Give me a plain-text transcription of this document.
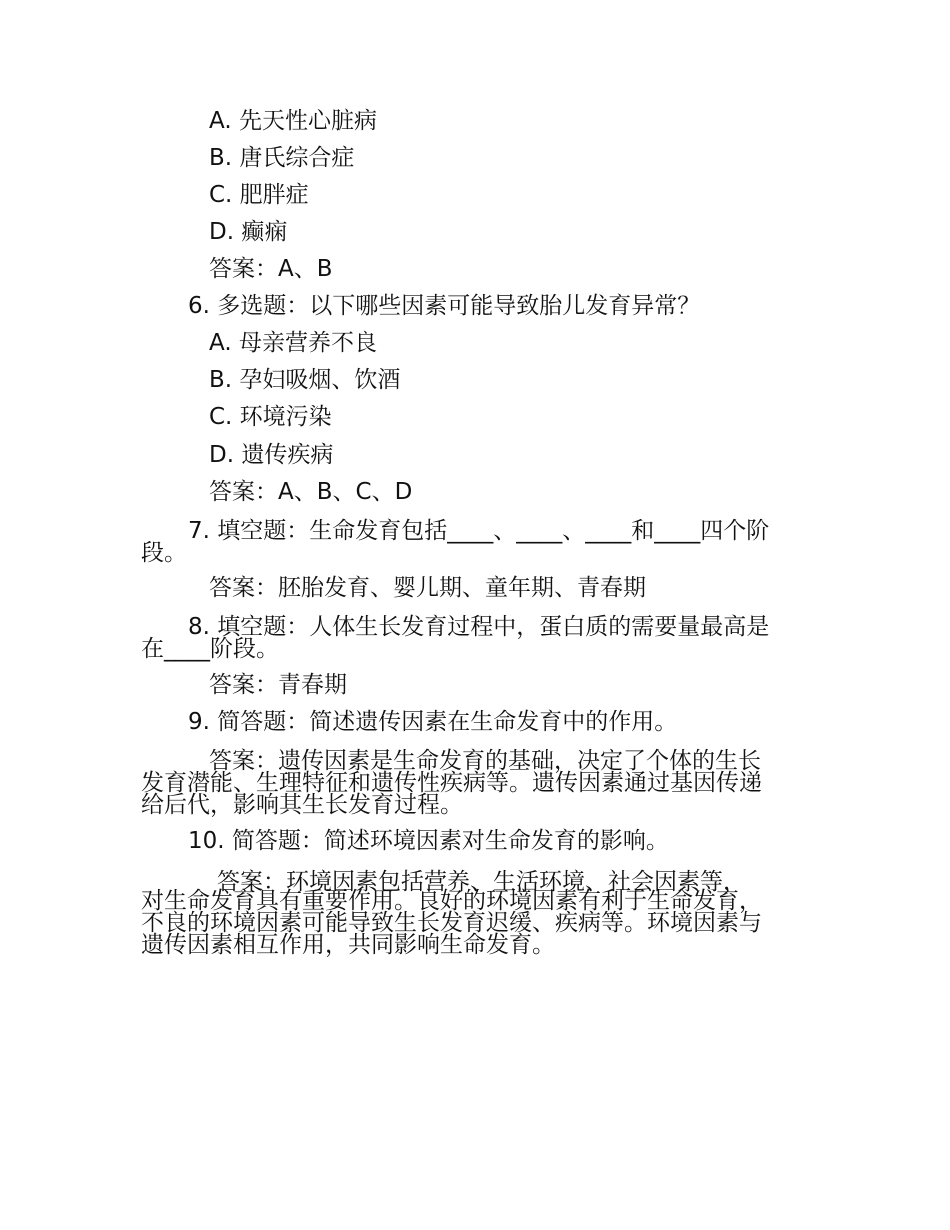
A. 先天性心脏病
B. 唐氏综合症
C. 肥胖症
D. 癫痫
答案：A、B
6. 多选题：以下哪些因素可能导致胎儿发育异常？
A. 母亲营养不良
B. 孕妇吸烟、饮酒
C. 环境污染
D. 遗传疾病
答案：A、B、C、D
7. 填空题：生命发育包括____、____、____和____四个阶
段。
答案：胚胎发育、婴儿期、童年期、青春期
8. 填空题：人体生长发育过程中，蛋白质的需要量最高是
在____阶段。
答案：青春期
9. 简答题：简述遗传因素在生命发育中的作用。
答案：遗传因素是生命发育的基础，决定了个体的生长
发育潜能、生理特征和遗传性疾病等。遗传因素通过基因传递
给后代，影响其生长发育过程。
10. 简答题：简述环境因素对生命发育的影响。
答案：环境因素包括营养、生活环境、社会因素等，
对生命发育具有重要作用。良好的环境因素有利于生命发育，
不良的环境因素可能导致生长发育迟缓、疾病等。环境因素与
遗传因素相互作用，共同影响生命发育。
